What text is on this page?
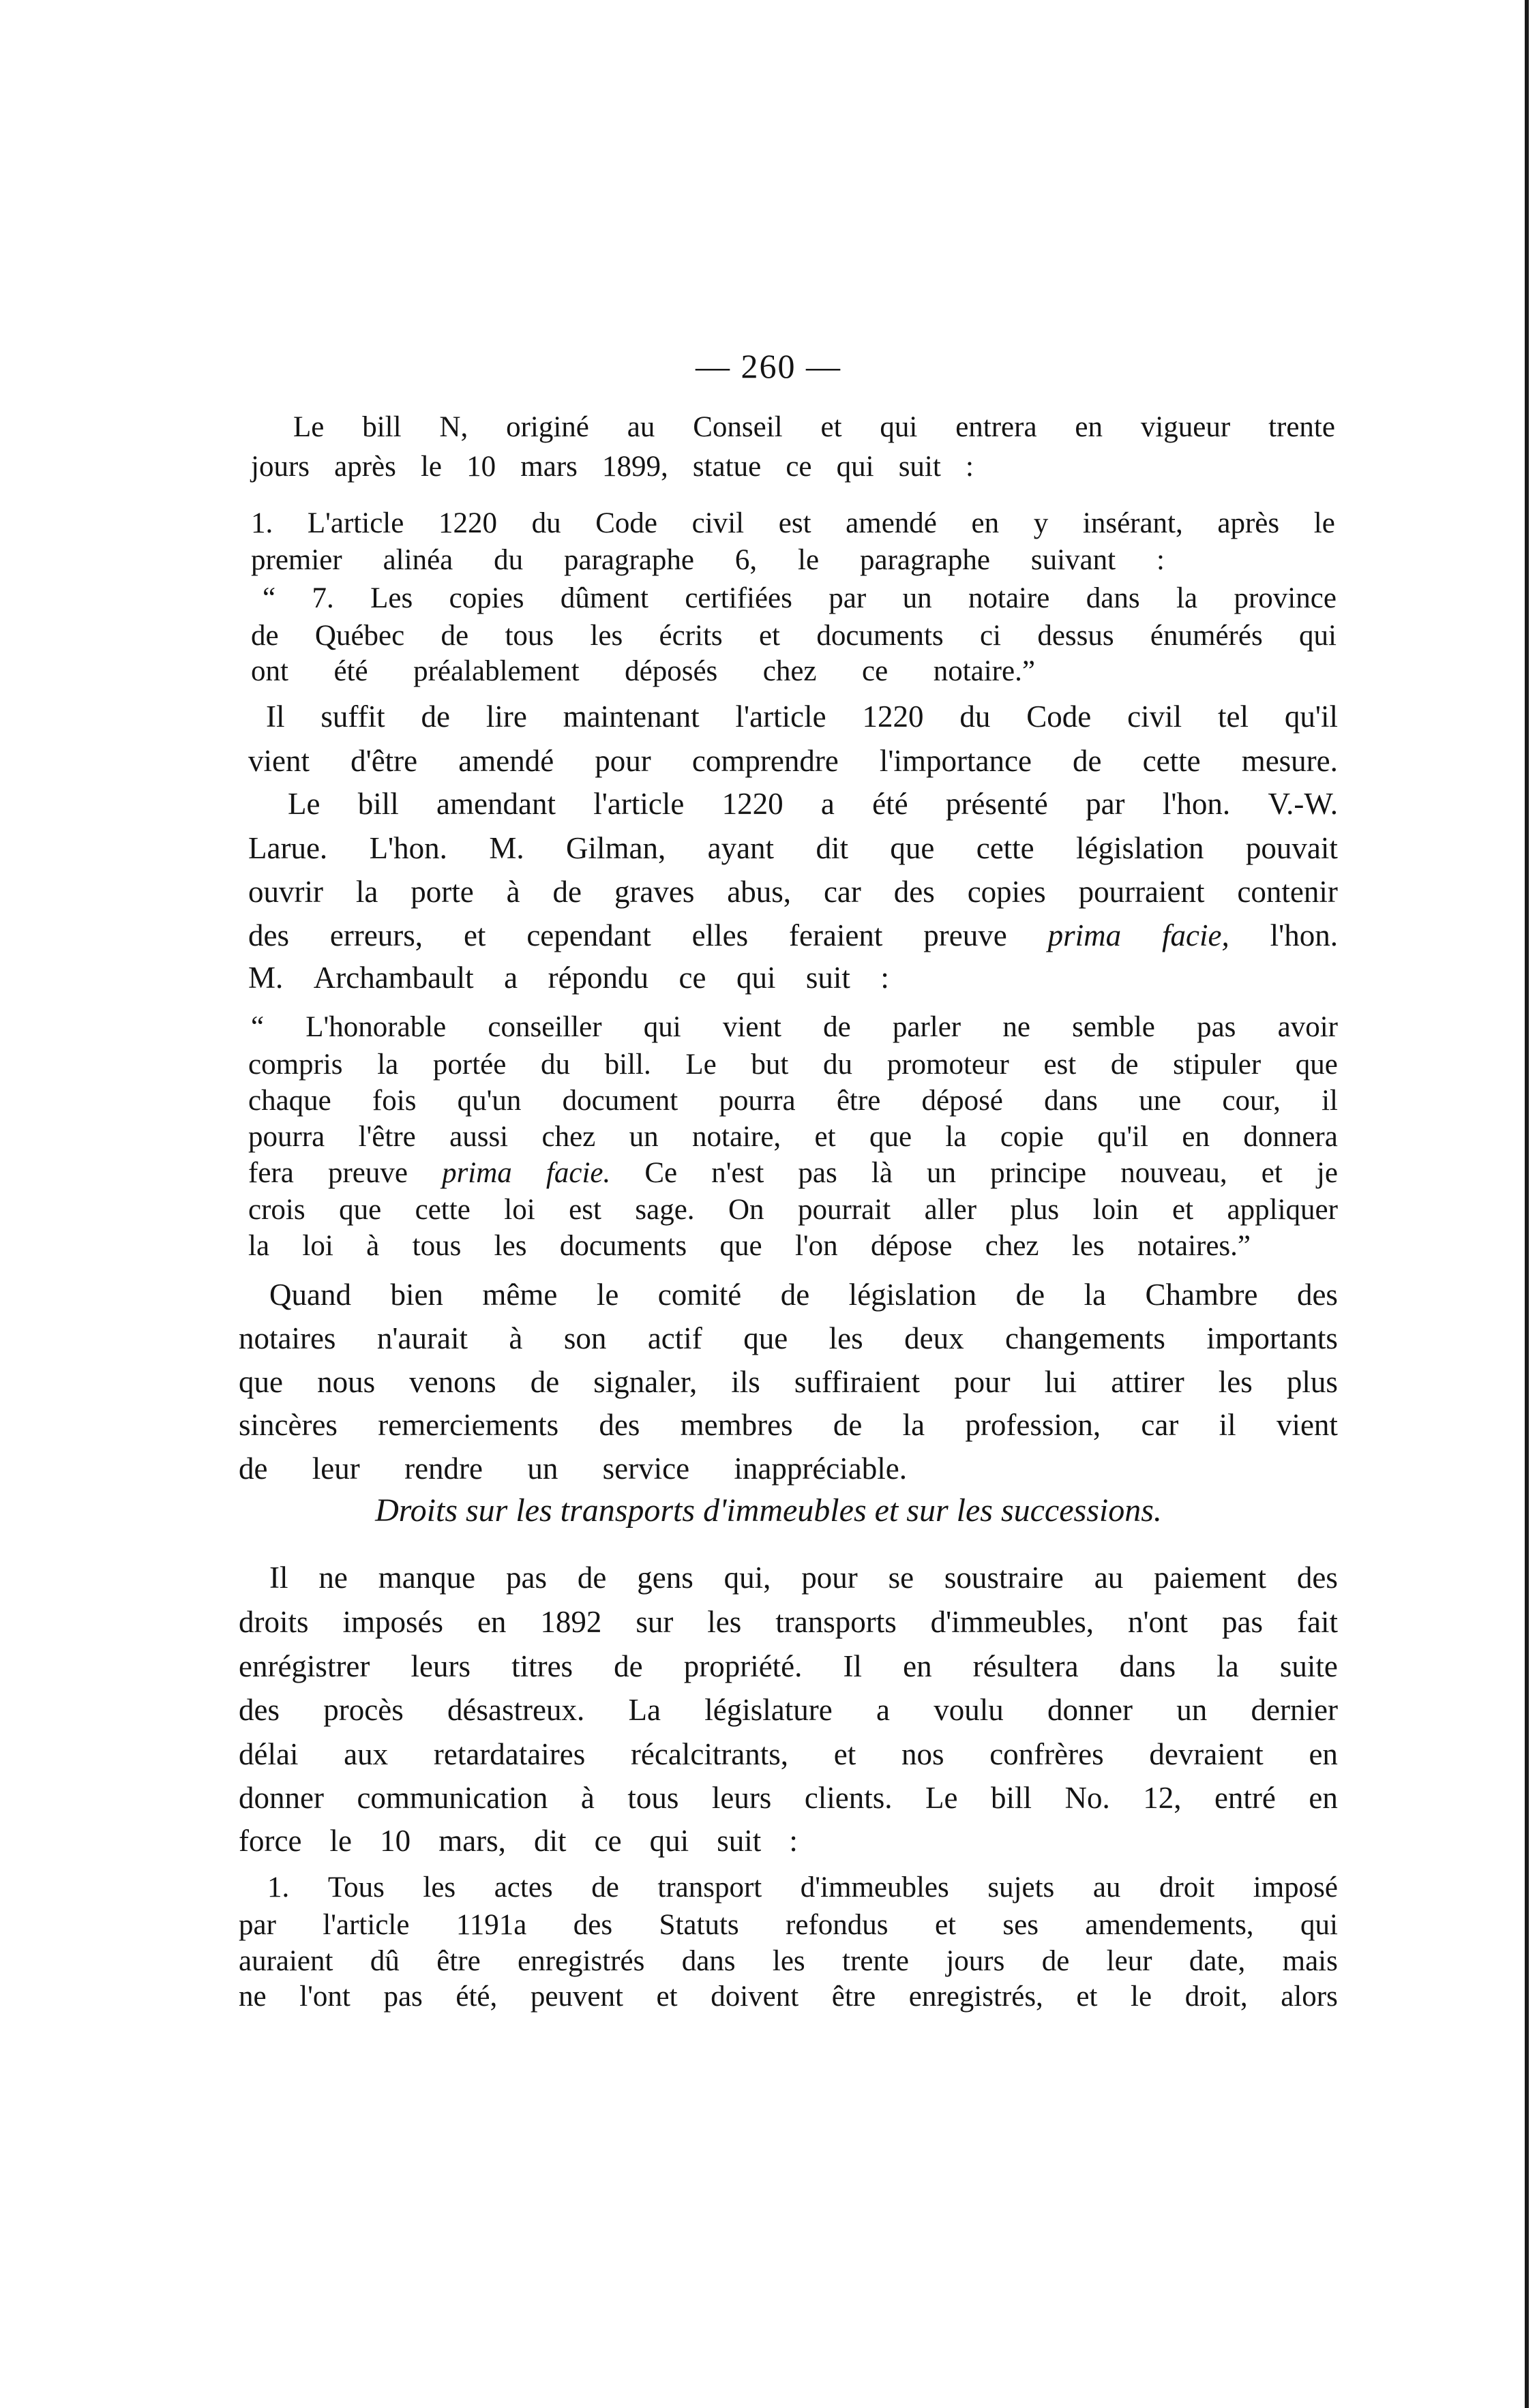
— 260 —
Le bill N, originé au Conseil et qui entrera en vigueur trente
jours après le 10 mars 1899, statue ce qui suit :
1. L'article 1220 du Code civil est amendé en y insérant, après le
premier alinéa du paragraphe 6, le paragraphe suivant :
“ 7. Les copies dûment certifiées par un notaire dans la province
de Québec de tous les écrits et documents ci dessus énumérés qui
ont été préalablement déposés chez ce notaire.”
Il suffit de lire maintenant l'article 1220 du Code civil tel qu'il
vient d'être amendé pour comprendre l'importance de cette mesure.
Le bill amendant l'article 1220 a été présenté par l'hon. V.-W.
Larue. L'hon. M. Gilman, ayant dit que cette législation pouvait
ouvrir la porte à de graves abus, car des copies pourraient contenir
des erreurs, et cependant elles feraient preuve prima facie, l'hon.
M. Archambault a répondu ce qui suit :
“ L'honorable conseiller qui vient de parler ne semble pas avoir
compris la portée du bill. Le but du promoteur est de stipuler que
chaque fois qu'un document pourra être déposé dans une cour, il
pourra l'être aussi chez un notaire, et que la copie qu'il en donnera
fera preuve prima facie. Ce n'est pas là un principe nouveau, et je
crois que cette loi est sage. On pourrait aller plus loin et appliquer
la loi à tous les documents que l'on dépose chez les notaires.”
Quand bien même le comité de législation de la Chambre des
notaires n'aurait à son actif que les deux changements importants
que nous venons de signaler, ils suffiraient pour lui attirer les plus
sincères remerciements des membres de la profession, car il vient
de leur rendre un service inappréciable.
Il ne manque pas de gens qui, pour se soustraire au paiement des
droits imposés en 1892 sur les transports d'immeubles, n'ont pas fait
enrégistrer leurs titres de propriété. Il en résultera dans la suite
des procès désastreux. La législature a voulu donner un dernier
délai aux retardataires récalcitrants, et nos confrères devraient en
donner communication à tous leurs clients. Le bill No. 12, entré en
force le 10 mars, dit ce qui suit :
1. Tous les actes de transport d'immeubles sujets au droit imposé
par l'article 1191a des Statuts refondus et ses amendements, qui
auraient dû être enregistrés dans les trente jours de leur date, mais
ne l'ont pas été, peuvent et doivent être enregistrés, et le droit, alors
Droits sur les transports d'immeubles et sur les successions.
